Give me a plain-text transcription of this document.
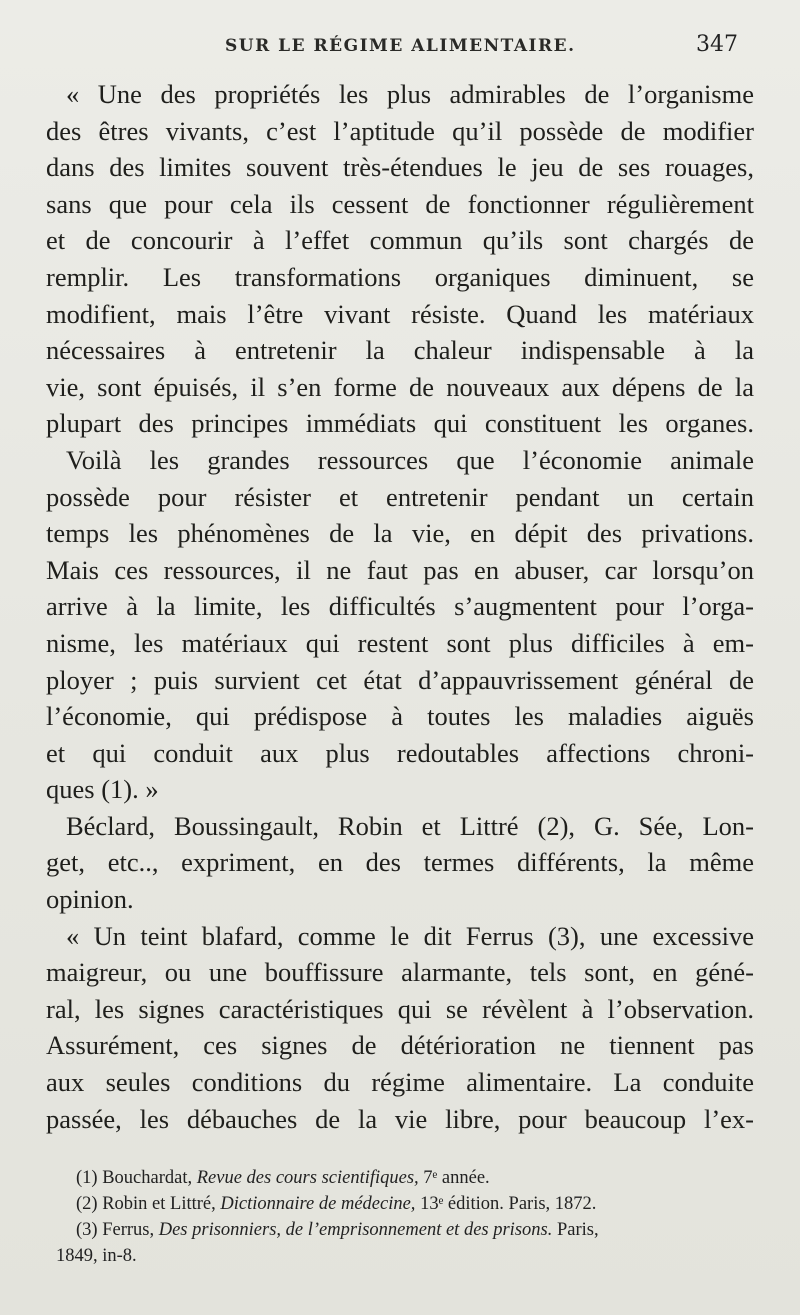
SUR LE RÉGIME ALIMENTAIRE.	347
« Une des propriétés les plus admirables de l’organisme
des êtres vivants, c’est l’aptitude qu’il possède de modifier
dans des limites souvent très-étendues le jeu de ses rouages,
sans que pour cela ils cessent de fonctionner régulièrement
et de concourir à l’effet commun qu’ils sont chargés de
remplir. Les transformations organiques diminuent, se
modifient, mais l’être vivant résiste. Quand les matériaux
nécessaires à entretenir la chaleur indispensable à la
vie, sont épuisés, il s’en forme de nouveaux aux dépens de la
plupart des principes immédiats qui constituent les organes.
Voilà les grandes ressources que l’économie animale
possède pour résister et entretenir pendant un certain
temps les phénomènes de la vie, en dépit des privations.
Mais ces ressources, il ne faut pas en abuser, car lorsqu’on
arrive à la limite, les difficultés s’augmentent pour l’orga-
nisme, les matériaux qui restent sont plus difficiles à em-
ployer ; puis survient cet état d’appauvrissement général de
l’économie, qui prédispose à toutes les maladies aiguës
et qui conduit aux plus redoutables affections chroni-
ques (1). »
Béclard, Boussingault, Robin et Littré (2), G. Sée, Lon-
get, etc.., expriment, en des termes différents, la même
opinion.
« Un teint blafard, comme le dit Ferrus (3), une excessive
maigreur, ou une bouffissure alarmante, tels sont, en géné-
ral, les signes caractéristiques qui se révèlent à l’observation.
Assurément, ces signes de détérioration ne tiennent pas
aux seules conditions du régime alimentaire. La conduite
passée, les débauches de la vie libre, pour beaucoup l’ex-
(1) Bouchardat, Revue des cours scientifiques, 7ᵉ année.
(2) Robin et Littré, Dictionnaire de médecine, 13ᵉ édition. Paris, 1872.
(3) Ferrus, Des prisonniers, de l’emprisonnement et des prisons. Paris,
1849, in-8.
